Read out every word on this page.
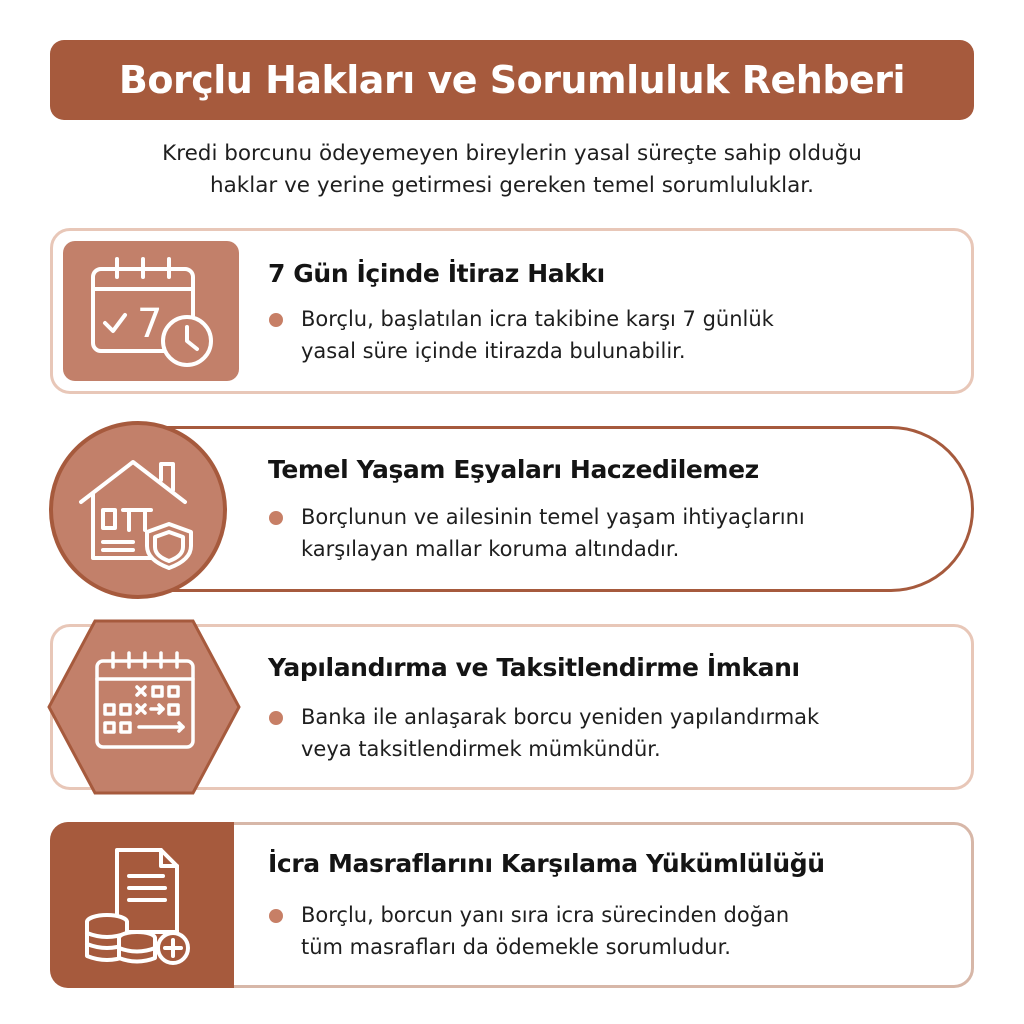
Borçlu Hakları ve Sorumluluk Rehberi
Kredi borcunu ödeyemeyen bireylerin yasal süreçte sahip olduğu
haklar ve yerine getirmesi gereken temel sorumluluklar.
7
7 Gün İçinde İtiraz Hakkı
Borçlu, başlatılan icra takibine karşı 7 günlük
yasal süre içinde itirazda bulunabilir.
Temel Yaşam Eşyaları Haczedilemez
Borçlunun ve ailesinin temel yaşam ihtiyaçlarını
karşılayan mallar koruma altındadır.
Yapılandırma ve Taksitlendirme İmkanı
Banka ile anlaşarak borcu yeniden yapılandırmak
veya taksitlendirmek mümkündür.
İcra Masraflarını Karşılama Yükümlülüğü
Borçlu, borcun yanı sıra icra sürecinden doğan
tüm masrafları da ödemekle sorumludur.
